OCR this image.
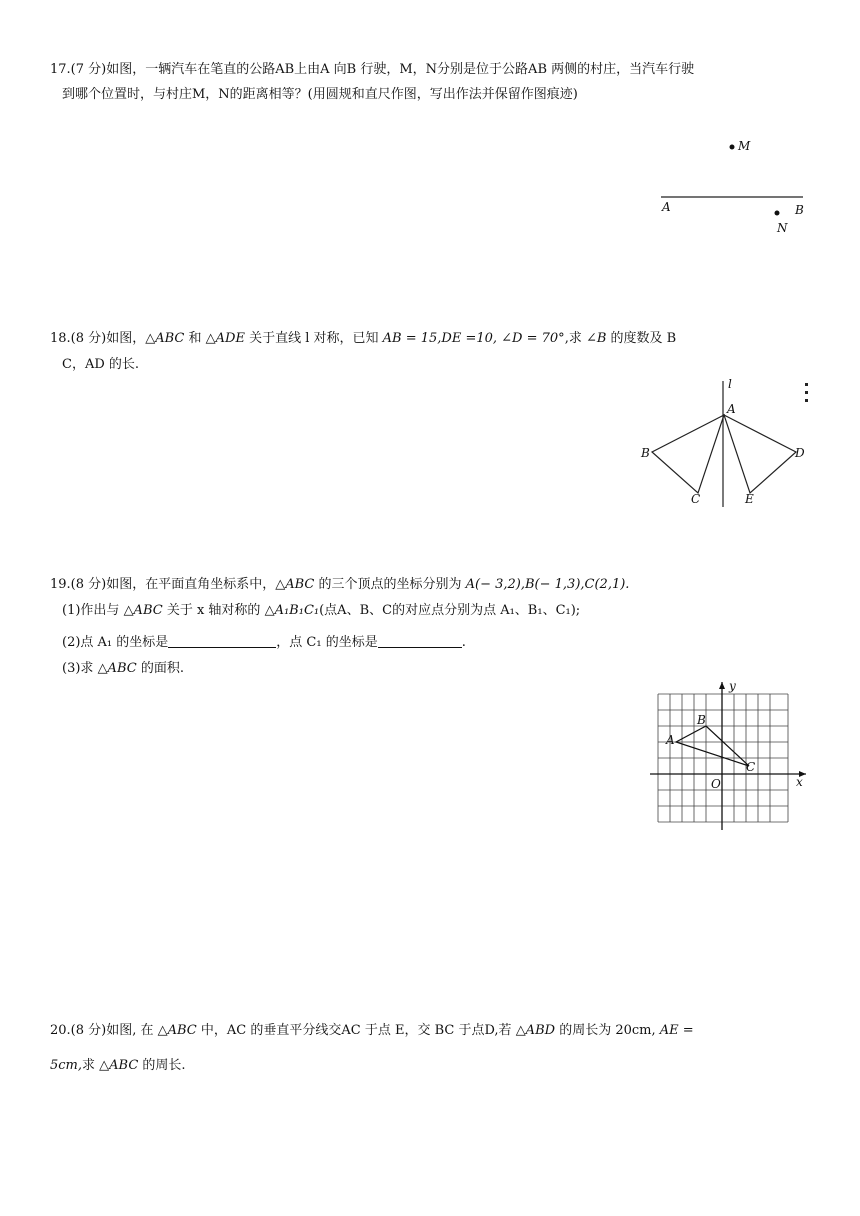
17.(7 分)如图，一辆汽车在笔直的公路AB上由A 向B 行驶，M，N分别是位于公路AB 两侧的村庄，当汽车行驶
到哪个位置时，与村庄M，N的距离相等？(用圆规和直尺作图，写出作法并保留作图痕迹)
M
N
A	B
18.(8 分)如图，△ABC 和 △ADE 关于直线 l 对称，已知 AB = 15,DE =10, ∠D = 70°,求 ∠B 的度数及 B
C，AD 的长.
l
A
B
C
D
E
19.(8 分)如图，在平面直角坐标系中，△ABC 的三个顶点的坐标分别为 A(− 3,2),B(− 1,3),C(2,1).
(1)作出与 △ABC 关于 x 轴对称的 △A₁B₁C₁(点A、B、C的对应点分别为点 A₁、B₁、C₁);
(2)点 A₁ 的坐标是	，点 C₁ 的坐标是	.
(3)求 △ABC 的面积.
x
y
O
A
B
C
20.(8 分)如图, 在 △ABC 中，AC 的垂直平分线交AC 于点 E，交 BC 于点D,若 △ABD 的周长为 20cm, AE =
5cm,求 △ABC 的周长.
